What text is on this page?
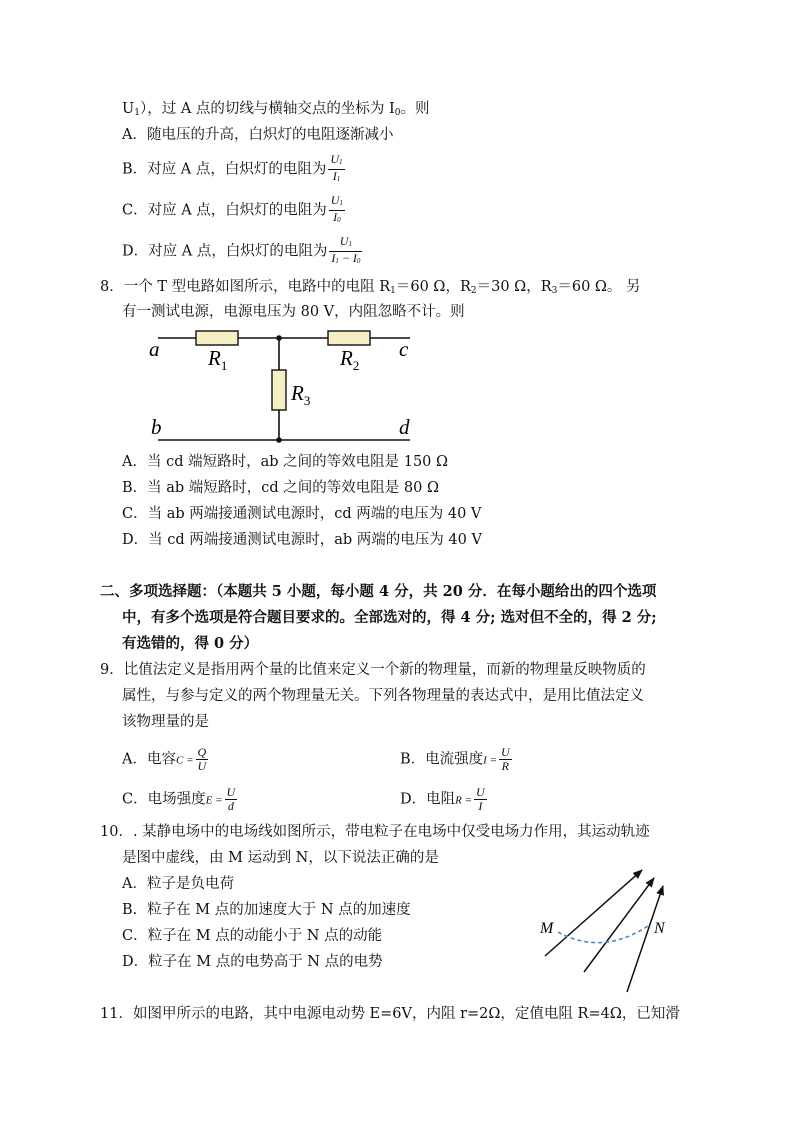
$U_1$），过 A 点的切线与横轴交点的坐标为 $I_0$。则
A．随电压的升高，白炽灯的电阻逐渐减小
B．对应 A 点，白炽灯的电阻为 $\frac{U_1}{I_1}$
C．对应 A 点，白炽灯的电阻为 $\frac{U_1}{I_0}$
D．对应 A 点，白炽灯的电阻为 $\frac{U_1}{I_1 - I_0}$
8．一个 T 型电路如图所示，电路中的电阻 $R_1=60$ Ω，$R_2=30$ Ω，$R_3=60$ Ω。 另
有一测试电源，电源电压为 80 V，内阻忽略不计。则
a	c
b	d
$R_1$	$R_2$
$R_3$
A．当 cd 端短路时，ab 之间的等效电阻是 150 Ω
B．当 ab 端短路时，cd 之间的等效电阻是 80 Ω
C．当 ab 两端接通测试电源时，cd 两端的电压为 40 V
D．当 cd 两端接通测试电源时，ab 两端的电压为 40 V
二、多项选择题：（本题共 5 小题，每小题 4 分，共 20 分．在每小题给出的四个选项
中，有多个选项是符合题目要求的。全部选对的，得 4 分; 选对但不全的，得 2 分;
有选错的，得 0 分）
9．比值法定义是指用两个量的比值来定义一个新的物理量，而新的物理量反映物质的
属性，与参与定义的两个物理量无关。下列各物理量的表达式中，是用比值法定义
该物理量的是
A．电容$C = \frac{Q}{U}$	B．电流强度$I = \frac{U}{R}$
C．电场强度$E = \frac{U}{d}$	D．电阻$R = \frac{U}{I}$
10．. 某静电场中的电场线如图所示，带电粒子在电场中仅受电场力作用，其运动轨迹
是图中虚线，由 M 运动到 N，以下说法正确的是
A．粒子是负电荷
B．粒子在 M 点的加速度大于 N 点的加速度
C．粒子在 M 点的动能小于 N 点的动能
D．粒子在 M 点的电势高于 N 点的电势
M	N
11．如图甲所示的电路，其中电源电动势 E=6V，内阻 r=2Ω，定值电阻 R=4Ω，已知滑
